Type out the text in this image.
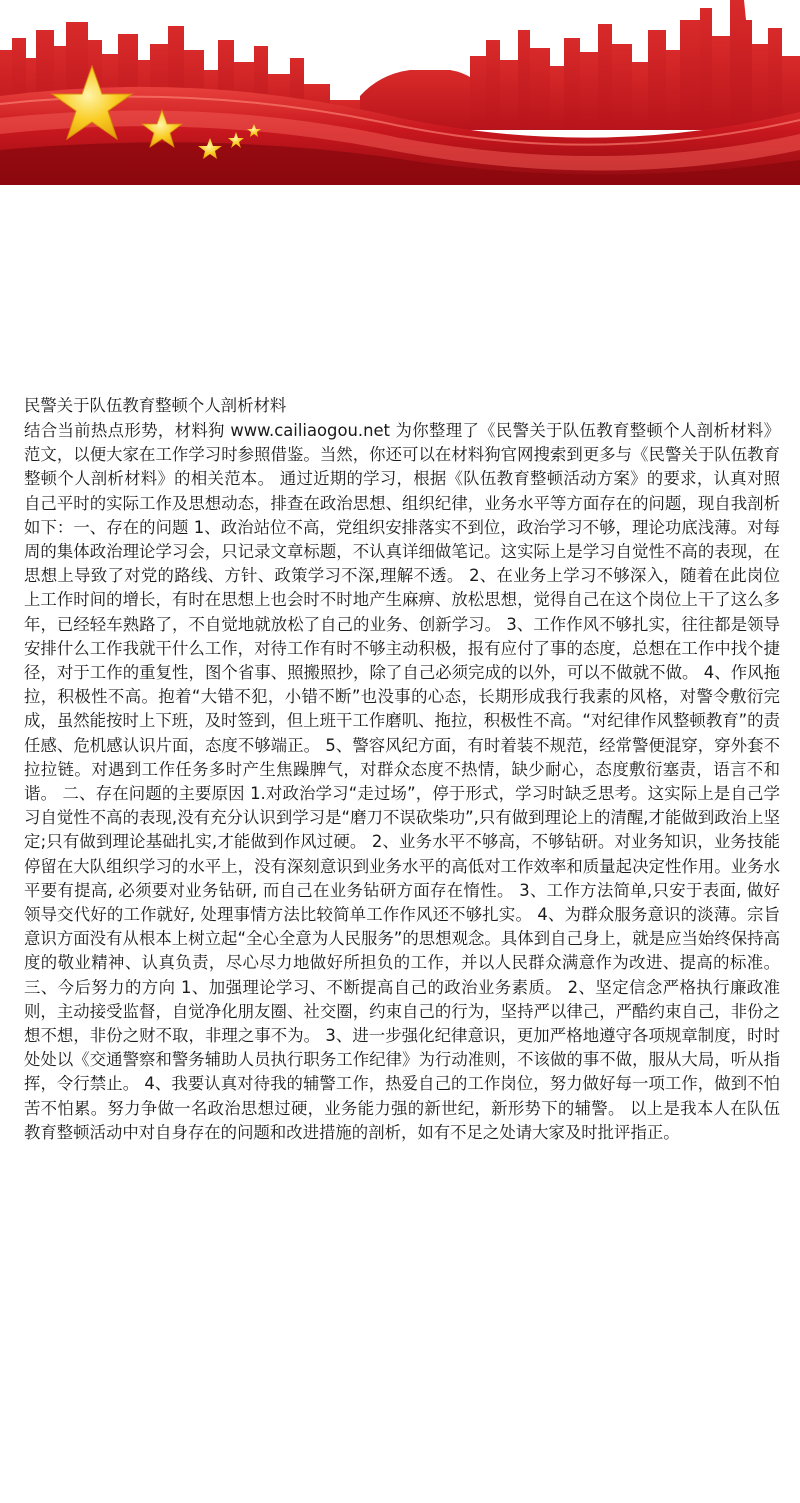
民警关于队伍教育整顿个人剖析材料

结合当前热点形势，材料狗 www.cailiaogou.net 为你整理了《民警关于队伍教育整顿个人剖析材料》范文，以便大家在工作学习时参照借鉴。当然，你还可以在材料狗官网搜索到更多与《民警关于队伍教育整顿个人剖析材料》的相关范本。 通过近期的学习，根据《队伍教育整顿活动方案》的要求，认真对照自己平时的实际工作及思想动态，排查在政治思想、组织纪律，业务水平等方面存在的问题，现自我剖析如下：一、存在的问题 1、政治站位不高，党组织安排落实不到位，政治学习不够，理论功底浅薄。对每周的集体政治理论学习会，只记录文章标题，不认真详细做笔记。这实际上是学习自觉性不高的表现，在思想上导致了对党的路线、方针、政策学习不深,理解不透。 2、在业务上学习不够深入，随着在此岗位上工作时间的增长，有时在思想上也会时不时地产生麻痹、放松思想，觉得自己在这个岗位上干了这么多年，已经轻车熟路了，不自觉地就放松了自己的业务、创新学习。 3、工作作风不够扎实，往往都是领导安排什么工作我就干什么工作，对待工作有时不够主动积极，报有应付了事的态度，总想在工作中找个捷径，对于工作的重复性，图个省事、照搬照抄，除了自己必须完成的以外，可以不做就不做。 4、作风拖拉，积极性不高。抱着“大错不犯，小错不断”也没事的心态，长期形成我行我素的风格，对警令敷衍完成，虽然能按时上下班，及时签到，但上班干工作磨叽、拖拉，积极性不高。“对纪律作风整顿教育”的责任感、危机感认识片面，态度不够端正。 5、警容风纪方面，有时着装不规范，经常警便混穿，穿外套不拉拉链。对遇到工作任务多时产生焦躁脾气，对群众态度不热情，缺少耐心，态度敷衍塞责，语言不和谐。 二、存在问题的主要原因 1.对政治学习“走过场”，停于形式，学习时缺乏思考。这实际上是自己学习自觉性不高的表现,没有充分认识到学习是“磨刀不误砍柴功”,只有做到理论上的清醒,才能做到政治上坚定;只有做到理论基础扎实,才能做到作风过硬。 2、业务水平不够高，不够钻研。对业务知识，业务技能停留在大队组织学习的水平上，没有深刻意识到业务水平的高低对工作效率和质量起决定性作用。业务水平要有提高, 必须要对业务钻研, 而自己在业务钻研方面存在惰性。 3、工作方法简单,只安于表面, 做好领导交代好的工作就好, 处理事情方法比较简单工作作风还不够扎实。 4、为群众服务意识的淡薄。宗旨意识方面没有从根本上树立起“全心全意为人民服务”的思想观念。具体到自己身上，就是应当始终保持高度的敬业精神、认真负责，尽心尽力地做好所担负的工作，并以人民群众满意作为改进、提高的标准。 三、今后努力的方向 1、加强理论学习、不断提高自己的政治业务素质。 2、坚定信念严格执行廉政准则，主动接受监督，自觉净化朋友圈、社交圈，约束自己的行为，坚持严以律己，严酷约束自己，非份之想不想，非份之财不取，非理之事不为。 3、进一步强化纪律意识，更加严格地遵守各项规章制度，时时处处以《交通警察和警务辅助人员执行职务工作纪律》为行动准则，不该做的事不做，服从大局，听从指挥，令行禁止。 4、我要认真对待我的辅警工作，热爱自己的工作岗位，努力做好每一项工作，做到不怕苦不怕累。努力争做一名政治思想过硬，业务能力强的新世纪，新形势下的辅警。 以上是我本人在队伍教育整顿活动中对自身存在的问题和改进措施的剖析，如有不足之处请大家及时批评指正。
